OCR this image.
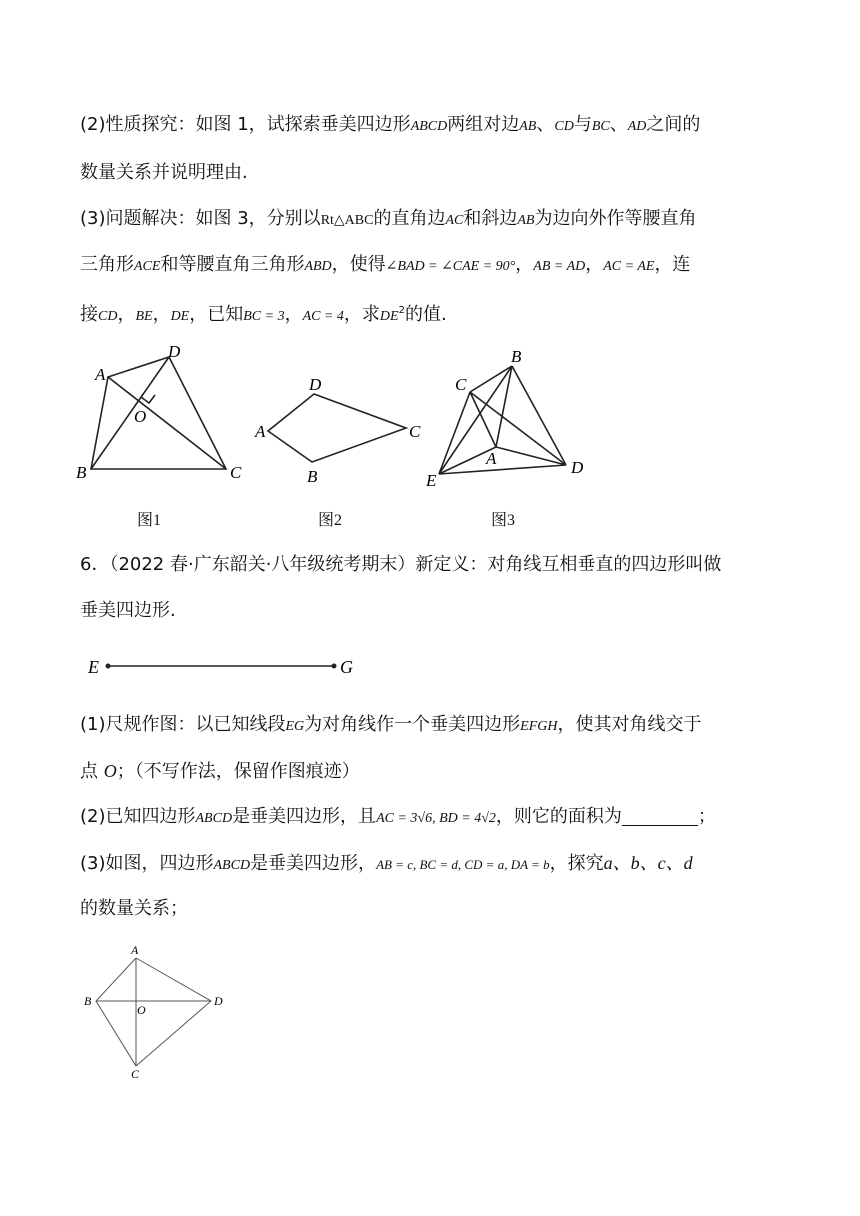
(2)性质探究：如图 1，试探索垂美四边形ABCD两组对边AB、CD与BC、AD之间的
数量关系并说明理由.
(3)问题解决：如图 3，分别以Rt△ABC的直角边AC和斜边AB为边向外作等腰直角
三角形ACE和等腰直角三角形ABD，使得∠BAD = ∠CAE = 90°，AB = AD，AC = AE，连
接CD，BE，DE，已知BC = 3，AC = 4，求$DE^2$的值.
A
D
O
B	C
D
A	C
B
B
C
A	D
E
E	G
A
B
O
D
C
图1	图2	图3
6．（2022 春·广东韶关·八年级统考期末）新定义：对角线互相垂直的四边形叫做
垂美四边形.
(1)尺规作图：以已知线段EG为对角线作一个垂美四边形EFGH，使其对角线交于
点 O；（不写作法，保留作图痕迹）
(2)已知四边形ABCD是垂美四边形，且AC = 3√6, BD = 4√2，则它的面积为	；
(3)如图，四边形ABCD是垂美四边形，AB = c, BC = d, CD = a, DA = b，探究a、b、c、d
的数量关系；
